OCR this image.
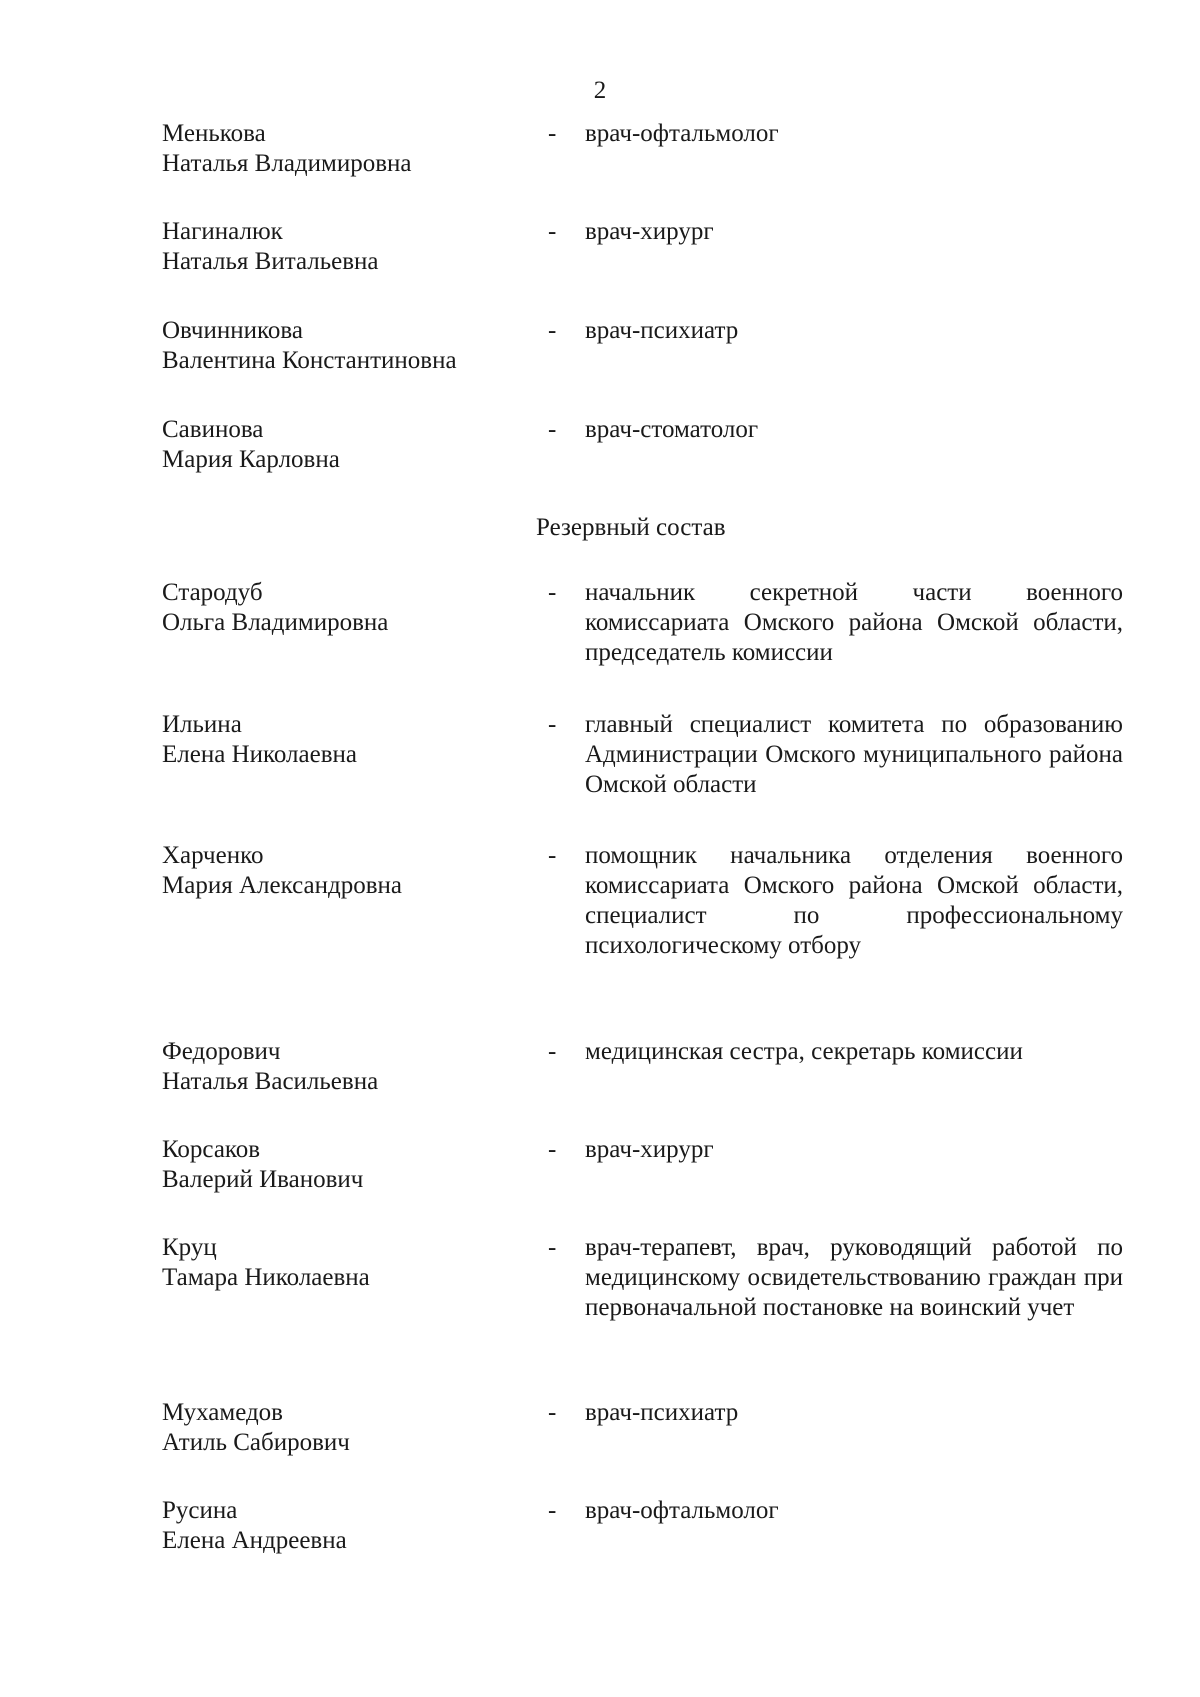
2
Менькова
Наталья Владимировна
- врач-офтальмолог
Нагиналюк
Наталья Витальевна
- врач-хирург
Овчинникова
Валентина Константиновна
- врач-психиатр
Савинова
Мария Карловна
- врач-стоматолог
Резервный состав
Стародуб
Ольга Владимировна
- начальник секретной части военного комиссариата Омского района Омской области, председатель комиссии
Ильина
Елена Николаевна
- главный специалист комитета по образованию Администрации Омского муниципального района Омской области
Харченко
Мария Александровна
- помощник начальника отделения военного комиссариата Омского района Омской области, специалист по профессиональному психологическому отбору
Федорович
Наталья Васильевна
- медицинская сестра, секретарь комиссии
Корсаков
Валерий Иванович
- врач-хирург
Круц
Тамара Николаевна
- врач-терапевт, врач, руководящий работой по медицинскому освидетельствованию граждан при первоначальной постановке на воинский учет
Мухамедов
Атиль Сабирович
- врач-психиатр
Русина
Елена Андреевна
- врач-офтальмолог
